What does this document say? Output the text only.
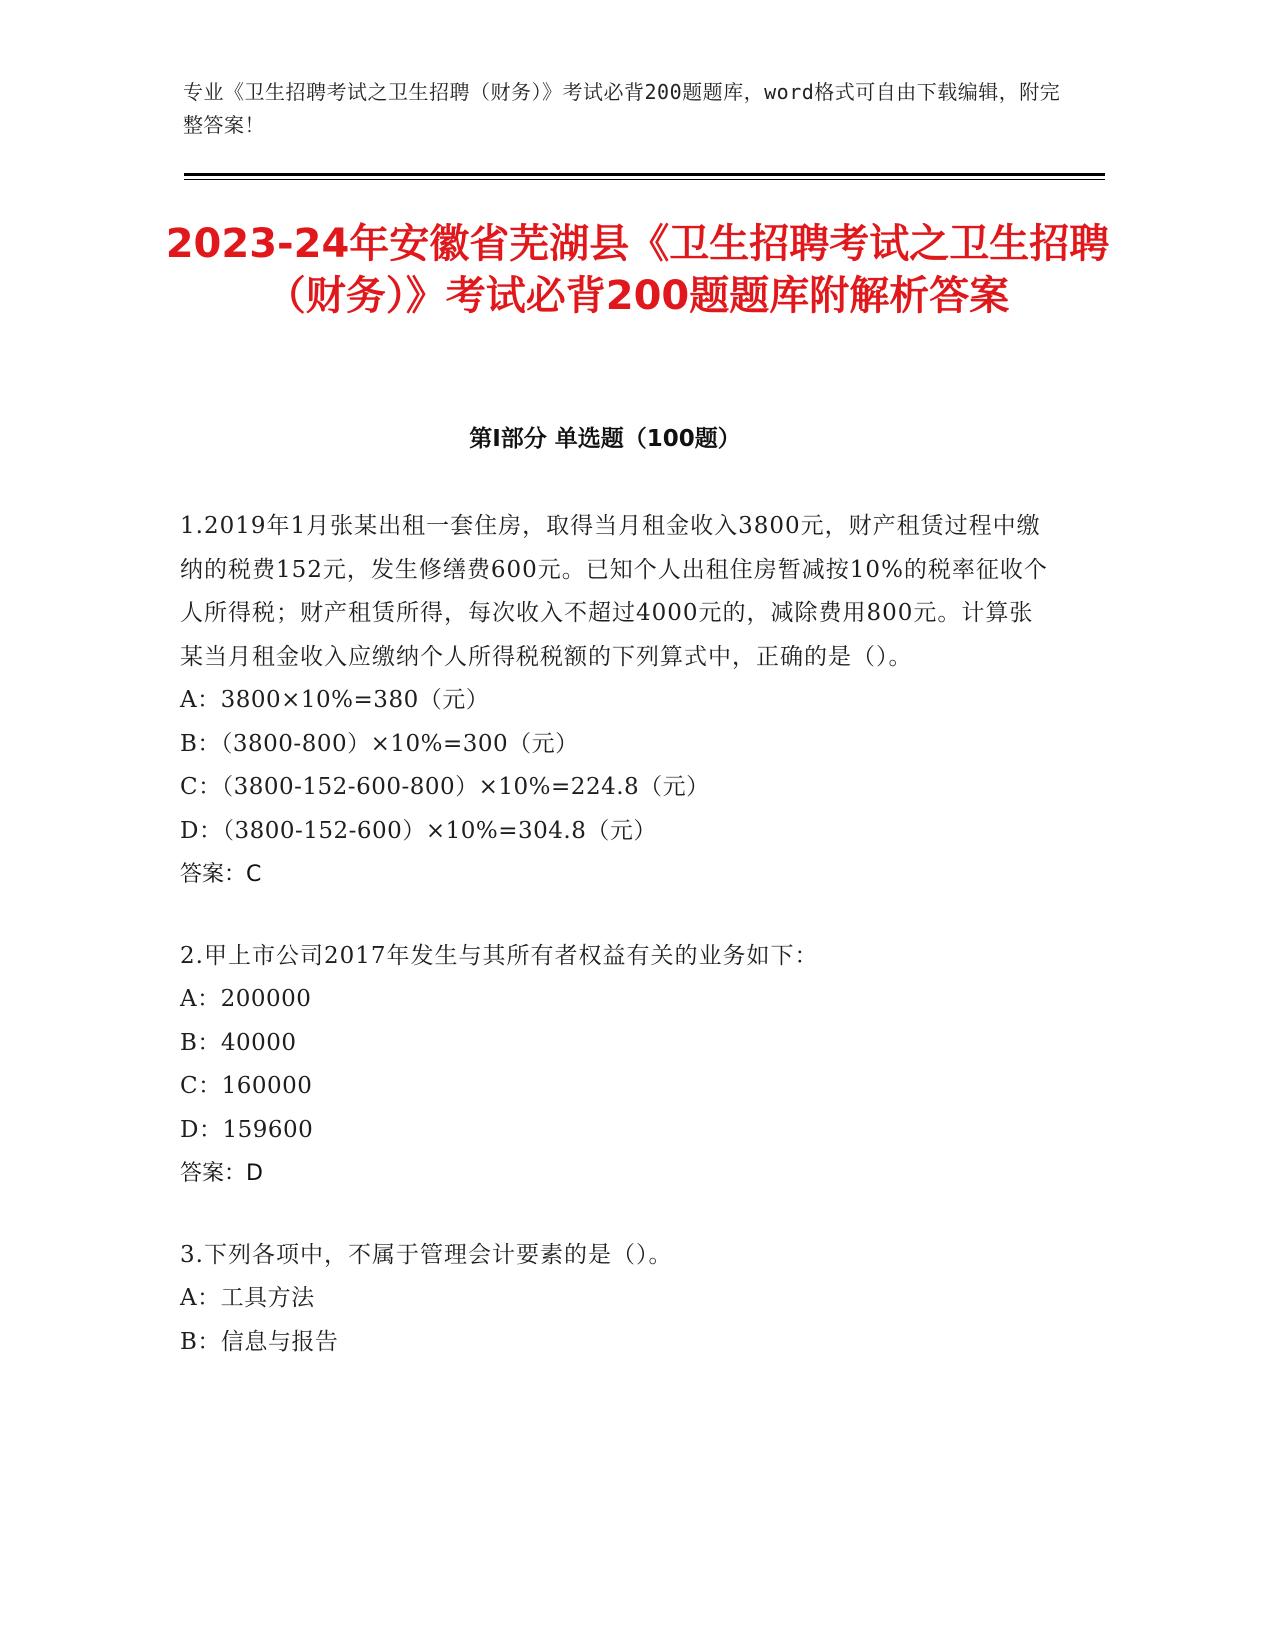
专业《卫生招聘考试之卫生招聘（财务）》考试必背200题题库，word格式可自由下载编辑，附完整答案！
2023-24年安徽省芜湖县《卫生招聘考试之卫生招聘（财务）》考试必背200题题库附解析答案
第I部分 单选题（100题）
1.2019年1月张某出租一套住房，取得当月租金收入3800元，财产租赁过程中缴纳的税费152元，发生修缮费600元。已知个人出租住房暂减按10%的税率征收个人所得税；财产租赁所得，每次收入不超过4000元的，减除费用800元。计算张某当月租金收入应缴纳个人所得税税额的下列算式中，正确的是（）。
A：3800×10%=380（元）
B：（3800-800）×10%=300（元）
C：（3800-152-600-800）×10%=224.8（元）
D：（3800-152-600）×10%=304.8（元）
答案：C
2.甲上市公司2017年发生与其所有者权益有关的业务如下：
A：200000
B：40000
C：160000
D：159600
答案：D
3.下列各项中，不属于管理会计要素的是（）。
A：工具方法
B：信息与报告
